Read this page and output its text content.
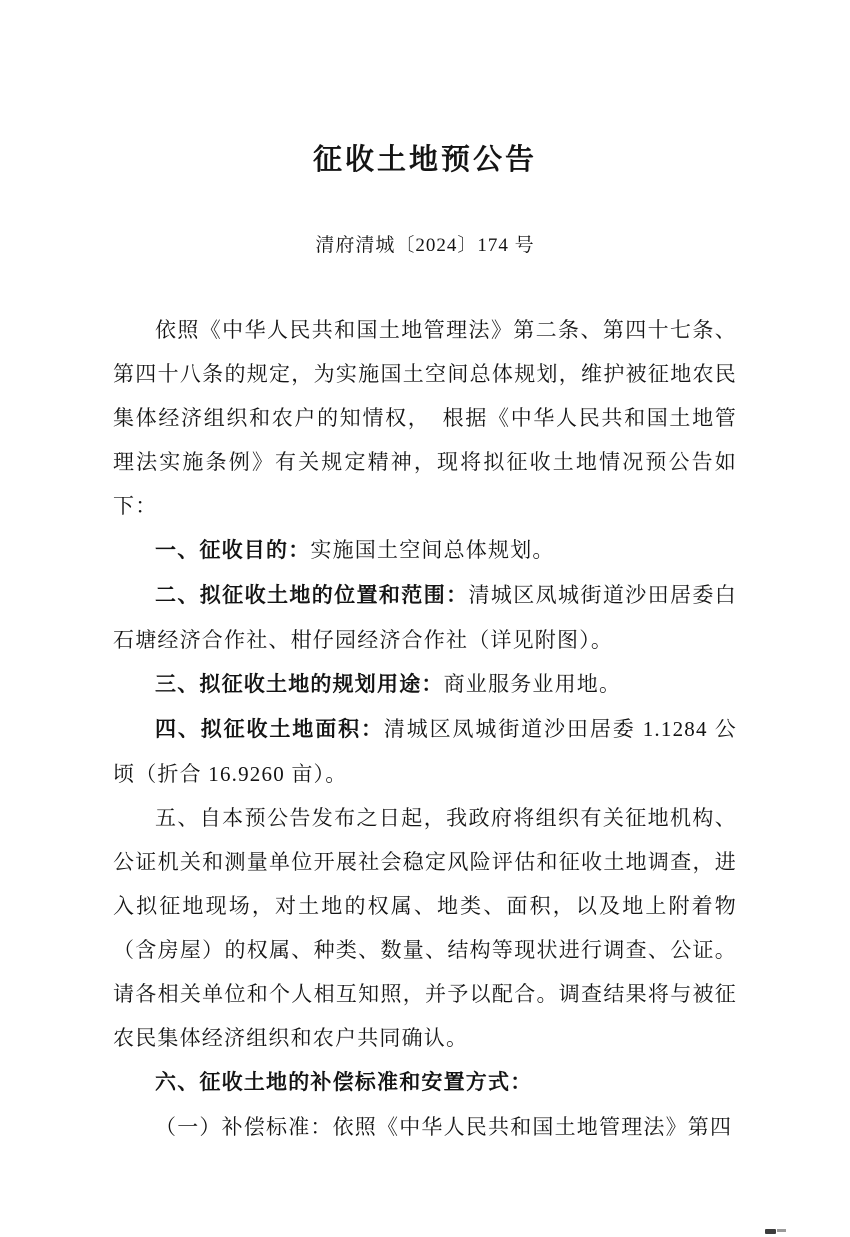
征收土地预公告
清府清城〔2024〕174 号

依照《中华人民共和国土地管理法》第二条、第四十七条、第四十八条的规定，为实施国土空间总体规划，维护被征地农民集体经济组织和农户的知情权，　根据《中华人民共和国土地管理法实施条例》有关规定精神，现将拟征收土地情况预公告如下：

一、征收目的：实施国土空间总体规划。

二、拟征收土地的位置和范围：清城区凤城街道沙田居委白石塘经济合作社、柑仔园经济合作社（详见附图）。

三、拟征收土地的规划用途：商业服务业用地。

四、拟征收土地面积：清城区凤城街道沙田居委 1.1284 公顷（折合 16.9260 亩）。

五、自本预公告发布之日起，我政府将组织有关征地机构、公证机关和测量单位开展社会稳定风险评估和征收土地调查，进入拟征地现场，对土地的权属、地类、面积，以及地上附着物（含房屋）的权属、种类、数量、结构等现状进行调查、公证。请各相关单位和个人相互知照，并予以配合。调查结果将与被征农民集体经济组织和农户共同确认。

六、征收土地的补偿标准和安置方式：

（一）补偿标准：依照《中华人民共和国土地管理法》第四
